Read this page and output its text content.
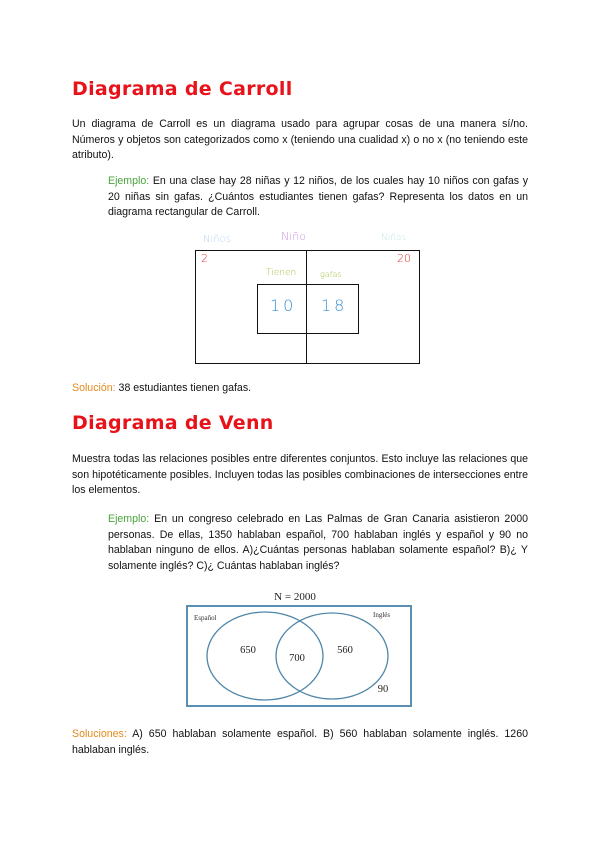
Diagrama de Carroll

Un diagrama de Carroll es un diagrama usado para agrupar cosas de una manera sí/no. Números y objetos son categorizados como x (teniendo una cualidad x) o no x (no teniendo este atributo).

Ejemplo: En una clase hay 28 niñas y 12 niños, de los cuales hay 10 niños con gafas y 20 niñas sin gafas. ¿Cuántos estudiantes tienen gafas? Representa los datos en un diagrama rectangular de Carroll.

Niños	Niño	Niñas
2	20
Tienen	gafas
10 18

Solución: 38 estudiantes tienen gafas.

Diagrama de Venn

Muestra todas las relaciones posibles entre diferentes conjuntos. Esto incluye las relaciones que son hipotéticamente posibles. Incluyen todas las posibles combinaciones de intersecciones entre los elementos.

Ejemplo: En un congreso celebrado en Las Palmas de Gran Canaria asistieron 2000 personas. De ellas, 1350 hablaban español, 700 hablaban inglés y español y 90 no hablaban ninguno de ellos. A)¿Cuántas personas hablaban solamente español? B)¿ Y solamente inglés? C)¿ Cuántas hablaban inglés?

N = 2000
Español	Inglés
650
700
560
90

Soluciones: A) 650 hablaban solamente español. B) 560 hablaban solamente inglés. 1260 hablaban inglés.
